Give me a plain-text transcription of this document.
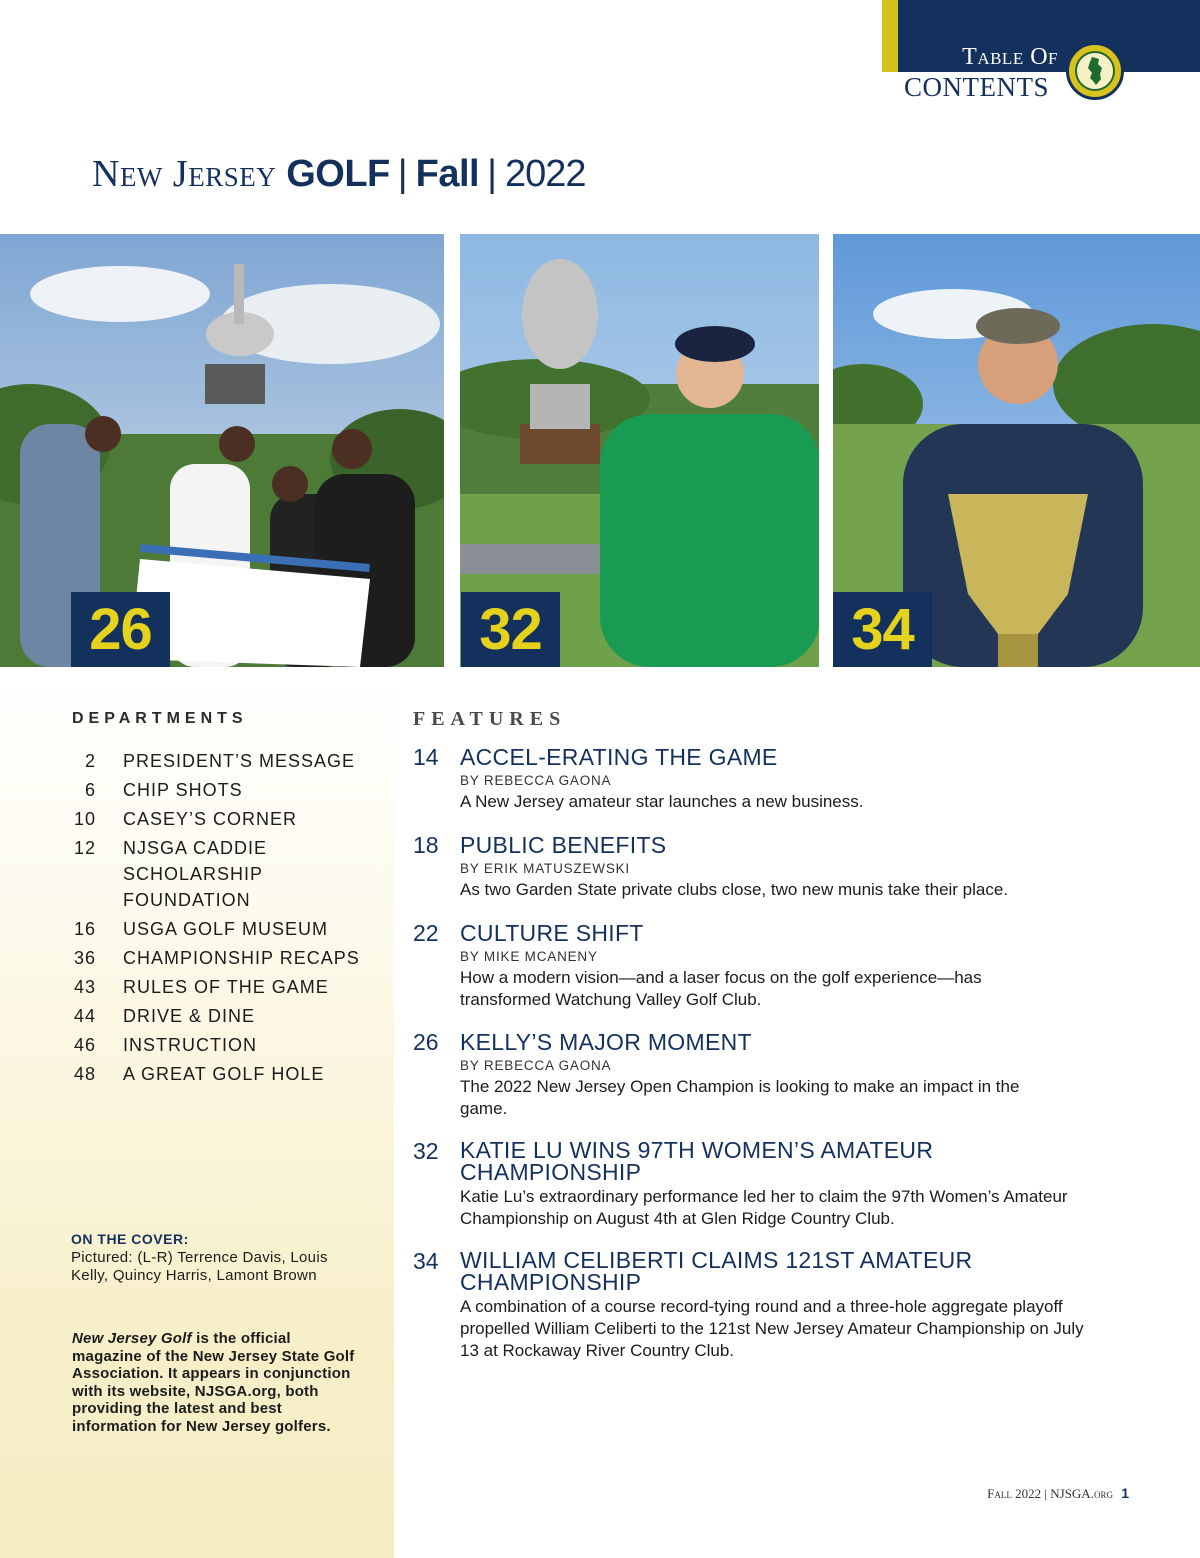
Table Of
CONTENTS
New Jersey GOLF | Fall | 2022
26	32	34
DEPARTMENTS
2 PRESIDENT’S MESSAGE
6 CHIP SHOTS
10 CASEY’S CORNER
12 NJSGA CADDIE
SCHOLARSHIP FOUNDATION
16 USGA GOLF MUSEUM
36 CHAMPIONSHIP RECAPS
43 RULES OF THE GAME
44 DRIVE & DINE
46 INSTRUCTION
48 A GREAT GOLF HOLE
ON THE COVER:
Pictured: (L-R) Terrence Davis, Louis Kelly, Quincy Harris, Lamont Brown
New Jersey Golf is the official magazine of the New Jersey State Golf Association. It appears in conjunction with its website, NJSGA.org, both providing the latest and best information for New Jersey golfers.
FEATURES
14 ACCEL-ERATING THE GAME
BY REBECCA GAONA
A New Jersey amateur star launches a new business.
18 PUBLIC BENEFITS
BY ERIK MATUSZEWSKI
As two Garden State private clubs close, two new munis take their place.
22 CULTURE SHIFT
BY MIKE MCANENY
How a modern vision—and a laser focus on the golf experience—has transformed Watchung Valley Golf Club.
26 KELLY’S MAJOR MOMENT
BY REBECCA GAONA
The 2022 New Jersey Open Champion is looking to make an impact in the game.
32 KATIE LU WINS 97TH WOMEN’S AMATEUR CHAMPIONSHIP
Katie Lu’s extraordinary performance led her to claim the 97th Women’s Amateur Championship on August 4th at Glen Ridge Country Club.
34 WILLIAM CELIBERTI CLAIMS 121ST AMATEUR CHAMPIONSHIP
A combination of a course record-tying round and a three-hole aggregate playoff propelled William Celiberti to the 121st New Jersey Amateur Championship on July 13 at Rockaway River Country Club.
Fall 2022 | NJSGA.org 1
